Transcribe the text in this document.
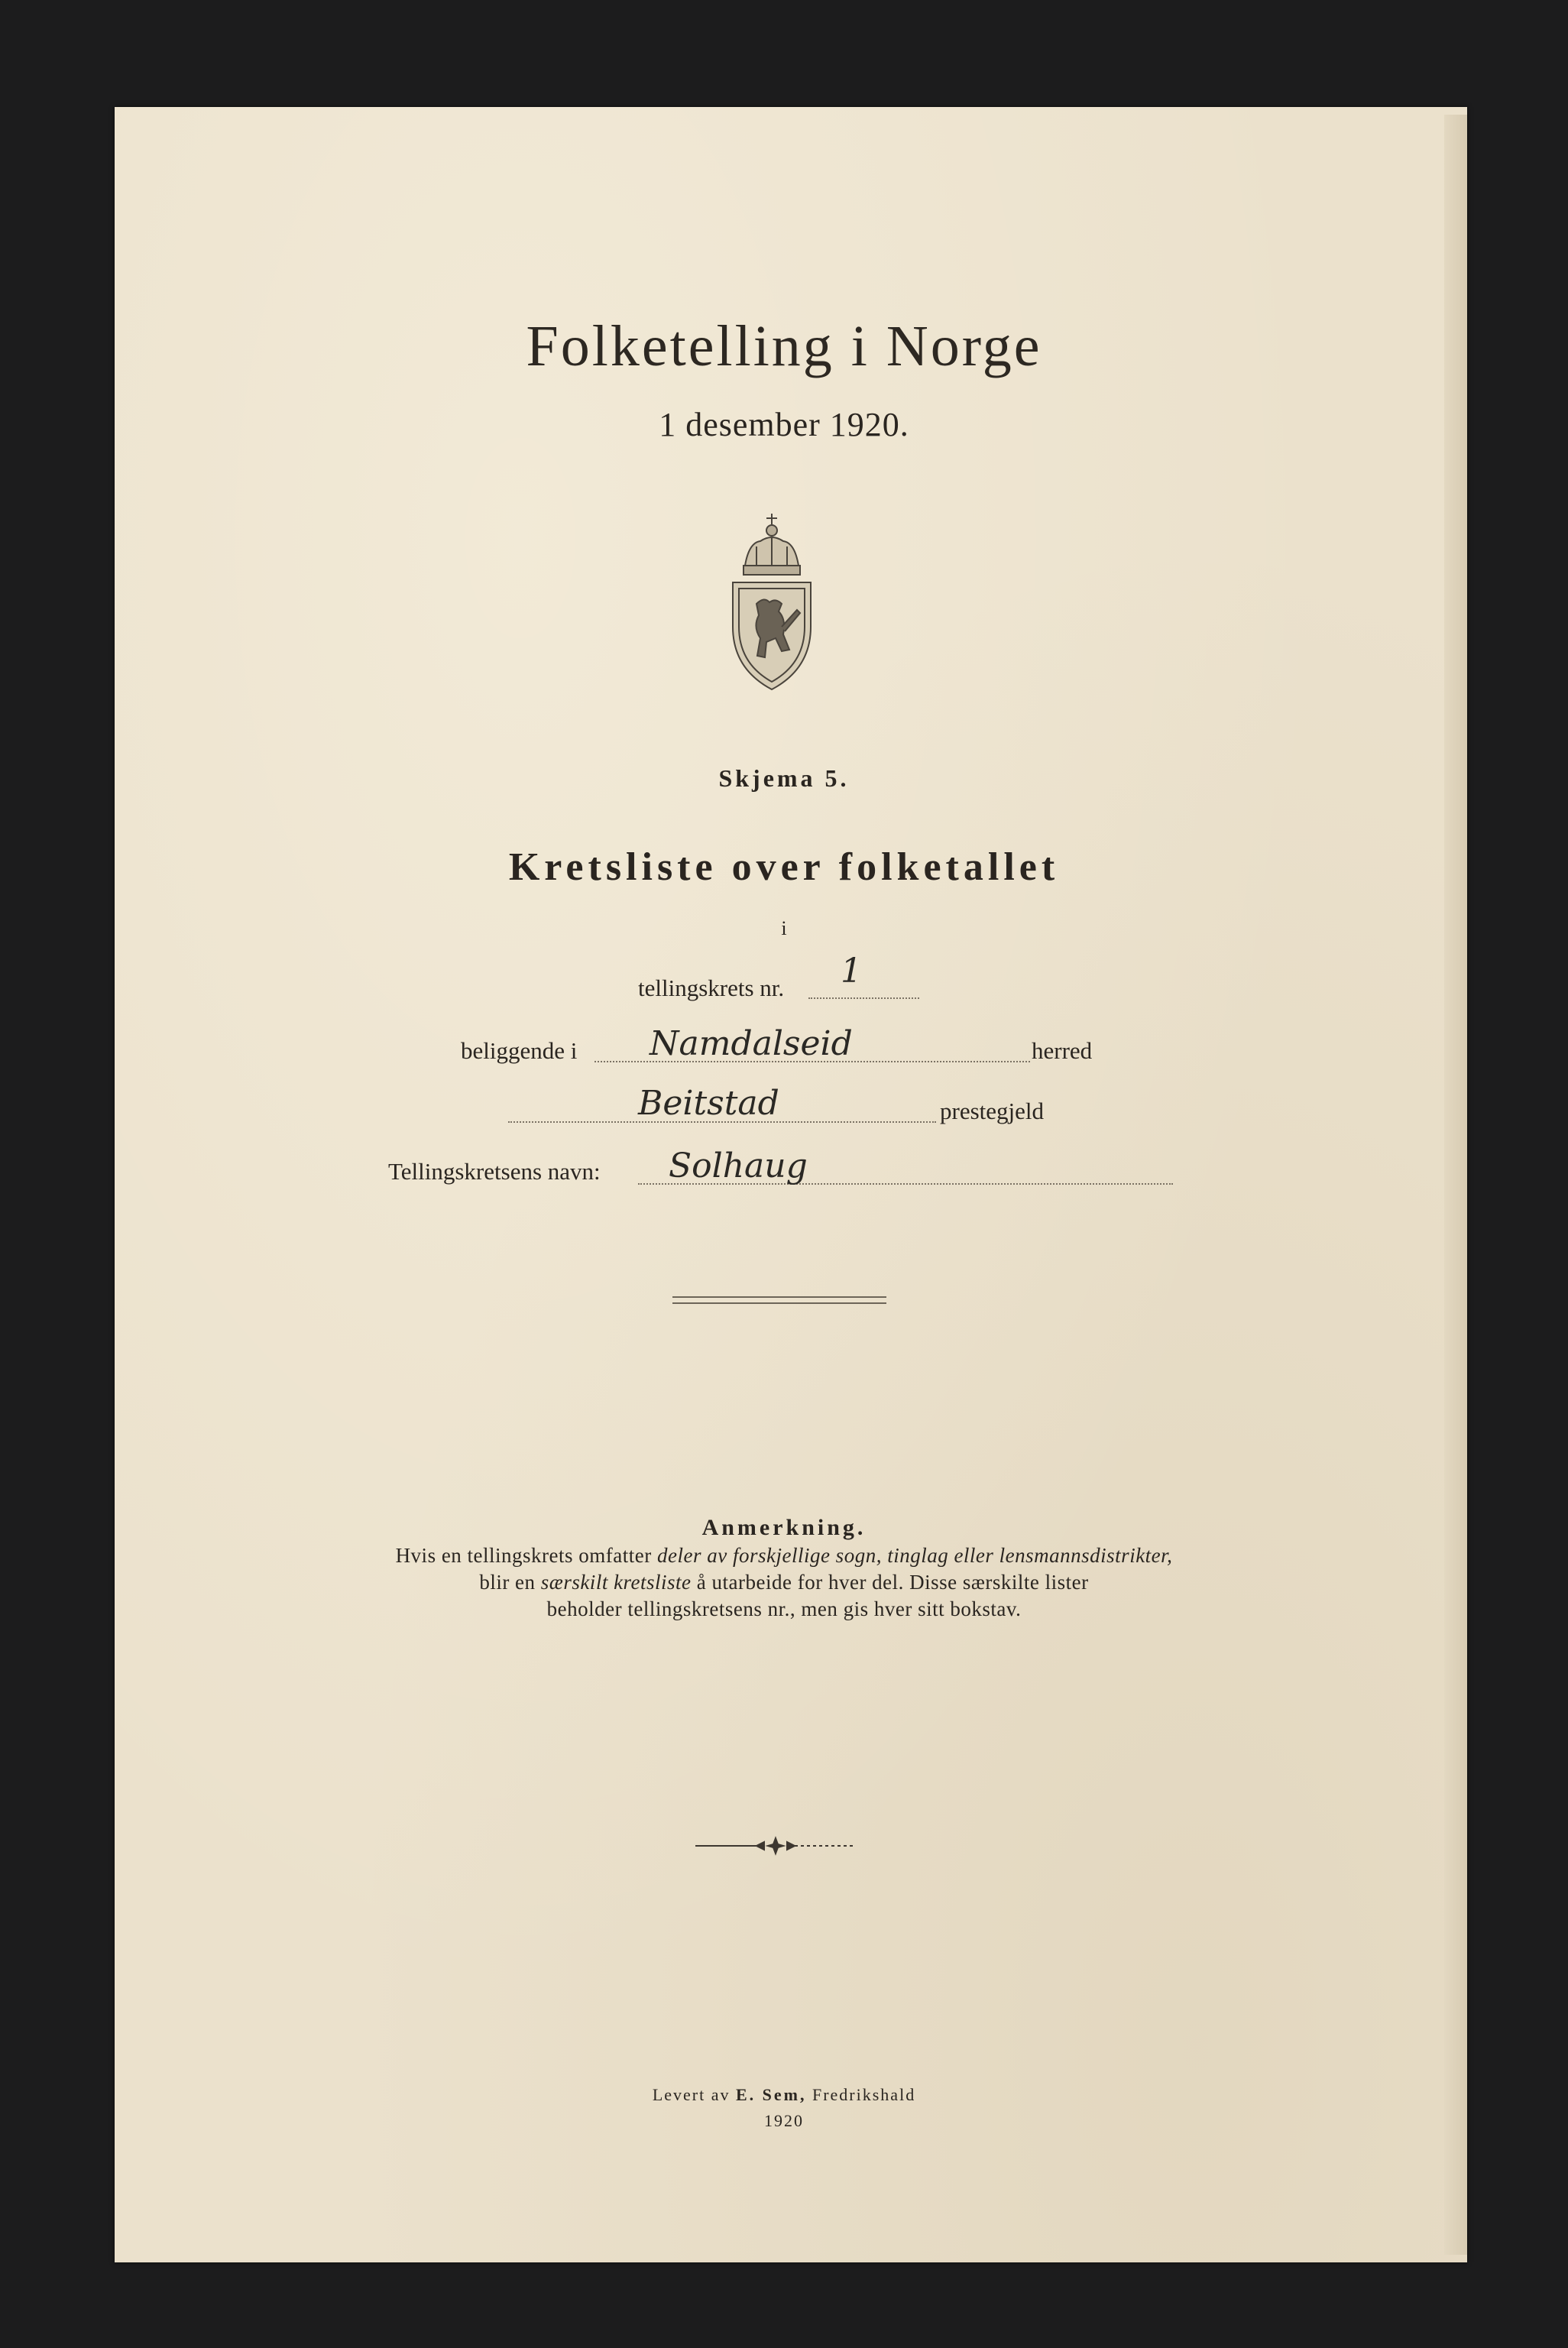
Folketelling i Norge
1 desember 1920.
Skjema 5.
Kretsliste over folketallet
i
tellingskrets nr. 1
beliggende i Namdalseid	herred
Beitstad	prestegjeld
Tellingskretsens navn: Solhaug
Anmerkning.
Hvis en tellingskrets omfatter deler av forskjellige sogn, tinglag eller lensmannsdistrikter,
blir en særskilt kretsliste å utarbeide for hver del. Disse særskilte lister
beholder tellingskretsens nr., men gis hver sitt bokstav.
Levert av E. Sem, Fredrikshald
1920
